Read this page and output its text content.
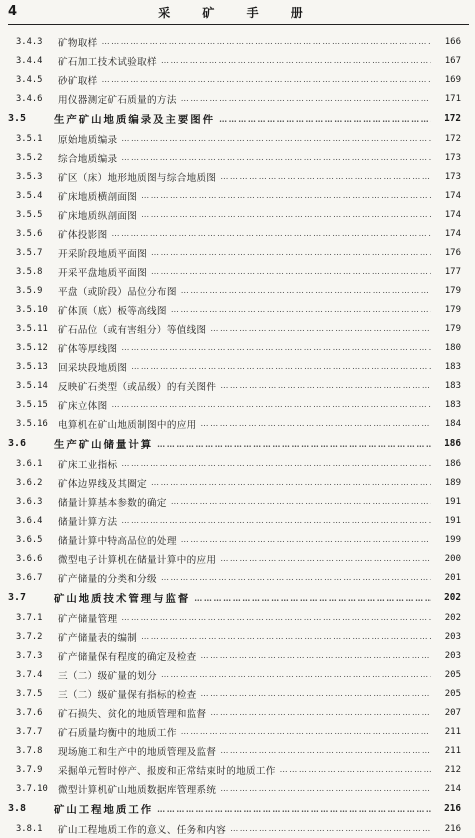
4	采 矿 手 册
3.4.3	矿物取样 …………………………………………………………………………………………………………………………………………………………………………………	166
3.4.4	矿石加工技术试验取样 …………………………………………………………………………………………………………………………………………………………………………………	167
3.4.5	砂矿取样 …………………………………………………………………………………………………………………………………………………………………………………	169
3.4.6	用仪器测定矿石质量的方法 …………………………………………………………………………………………………………………………………………………………………………………	171
3.5	生产矿山地质编录及主要图件 …………………………………………………………………………………………………………………………………………………………………………………	172
3.5.1	原始地质编录 …………………………………………………………………………………………………………………………………………………………………………………	172
3.5.2	综合地质编录 …………………………………………………………………………………………………………………………………………………………………………………	173
3.5.3	矿区（床）地形地质图与综合地质图 …………………………………………………………………………………………………………………………………………………………………………………	173
3.5.4	矿床地质横剖面图 …………………………………………………………………………………………………………………………………………………………………………………	174
3.5.5	矿床地质纵剖面图 …………………………………………………………………………………………………………………………………………………………………………………	174
3.5.6	矿体投影图 …………………………………………………………………………………………………………………………………………………………………………………	174
3.5.7	开采阶段地质平面图 …………………………………………………………………………………………………………………………………………………………………………………	176
3.5.8	开采平盘地质平面图 …………………………………………………………………………………………………………………………………………………………………………………	177
3.5.9	平盘（或阶段）品位分布图 …………………………………………………………………………………………………………………………………………………………………………………	179
3.5.10	矿体顶（底）板等高线图 …………………………………………………………………………………………………………………………………………………………………………………	179
3.5.11	矿石品位（或有害组分）等值线图 …………………………………………………………………………………………………………………………………………………………………………………	179
3.5.12	矿体等厚线图 …………………………………………………………………………………………………………………………………………………………………………………	180
3.5.13	回采块段地质图 …………………………………………………………………………………………………………………………………………………………………………………	183
3.5.14	反映矿石类型（或品级）的有关图件 …………………………………………………………………………………………………………………………………………………………………………………	183
3.5.15	矿床立体图 …………………………………………………………………………………………………………………………………………………………………………………	183
3.5.16	电算机在矿山地质制图中的应用 …………………………………………………………………………………………………………………………………………………………………………………	184
3.6	生产矿山储量计算 …………………………………………………………………………………………………………………………………………………………………………………	186
3.6.1	矿床工业指标 …………………………………………………………………………………………………………………………………………………………………………………	186
3.6.2	矿体边界线及其圈定 …………………………………………………………………………………………………………………………………………………………………………………	189
3.6.3	储量计算基本参数的确定 …………………………………………………………………………………………………………………………………………………………………………………	191
3.6.4	储量计算方法 …………………………………………………………………………………………………………………………………………………………………………………	191
3.6.5	储量计算中特高品位的处理 …………………………………………………………………………………………………………………………………………………………………………………	199
3.6.6	微型电子计算机在储量计算中的应用 …………………………………………………………………………………………………………………………………………………………………………………	200
3.6.7	矿产储量的分类和分级 …………………………………………………………………………………………………………………………………………………………………………………	201
3.7	矿山地质技术管理与监督 …………………………………………………………………………………………………………………………………………………………………………………	202
3.7.1	矿产储量管理 …………………………………………………………………………………………………………………………………………………………………………………	202
3.7.2	矿产储量表的编制 …………………………………………………………………………………………………………………………………………………………………………………	203
3.7.3	矿产储量保有程度的确定及检查 …………………………………………………………………………………………………………………………………………………………………………………	203
3.7.4	三（二）级矿量的划分 …………………………………………………………………………………………………………………………………………………………………………………	205
3.7.5	三（二）级矿量保有指标的检查 …………………………………………………………………………………………………………………………………………………………………………………	205
3.7.6	矿石损失、贫化的地质管理和监督 …………………………………………………………………………………………………………………………………………………………………………………	207
3.7.7	矿石质量均衡中的地质工作 …………………………………………………………………………………………………………………………………………………………………………………	211
3.7.8	现场施工和生产中的地质管理及监督 …………………………………………………………………………………………………………………………………………………………………………………	211
3.7.9	采掘单元暂时停产、报废和正常结束时的地质工作 …………………………………………………………………………………………………………………………………………………………………………………	212
3.7.10	微型计算机矿山地质数据库管理系统 …………………………………………………………………………………………………………………………………………………………………………………	214
3.8	矿山工程地质工作 …………………………………………………………………………………………………………………………………………………………………………………	216
3.8.1	矿山工程地质工作的意义、任务和内容 …………………………………………………………………………………………………………………………………………………………………………………	216
